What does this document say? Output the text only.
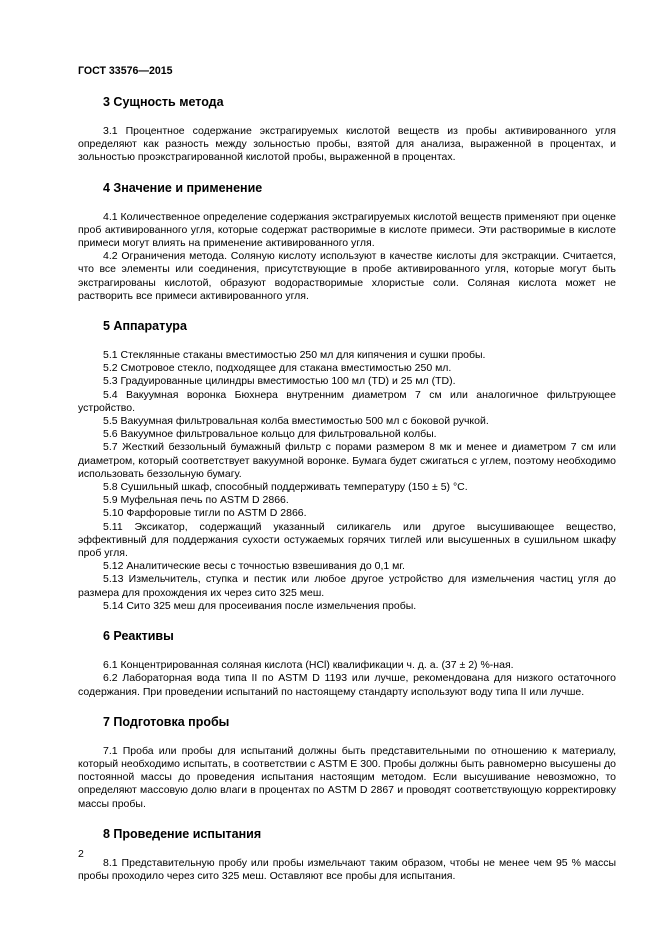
ГОСТ 33576—2015
3 Сущность метода

3.1 Процентное содержание экстрагируемых кислотой веществ из пробы активированного угля определяют как разность между зольностью пробы, взятой для анализа, выраженной в процентах, и зольностью проэкстрагированной кислотой пробы, выраженной в процентах.

4 Значение и применение

4.1 Количественное определение содержания экстрагируемых кислотой веществ применяют при оценке проб активированного угля, которые содержат растворимые в кислоте примеси. Эти растворимые в кислоте примеси могут влиять на применение активированного угля.

4.2 Ограничения метода. Соляную кислоту используют в качестве кислоты для экстракции. Считается, что все элементы или соединения, присутствующие в пробе активированного угля, которые могут быть экстрагированы кислотой, образуют водорастворимые хлористые соли. Соляная кислота может не растворить все примеси активированного угля.

5 Аппаратура

5.1 Стеклянные стаканы вместимостью 250 мл для кипячения и сушки пробы.

5.2 Смотровое стекло, подходящее для стакана вместимостью 250 мл.

5.3 Градуированные цилиндры вместимостью 100 мл (TD) и 25 мл (TD).

5.4 Вакуумная воронка Бюхнера внутренним диаметром 7 см или аналогичное фильтрующее устройство.

5.5 Вакуумная фильтровальная колба вместимостью 500 мл с боковой ручкой.

5.6 Вакуумное фильтровальное кольцо для фильтровальной колбы.

5.7 Жесткий беззольный бумажный фильтр с порами размером 8 мк и менее и диаметром 7 см или диаметром, который соответствует вакуумной воронке. Бумага будет сжигаться с углем, поэтому необходимо использовать беззольную бумагу.

5.8 Сушильный шкаф, способный поддерживать температуру (150 ± 5) °С.

5.9 Муфельная печь по ASTM D 2866.

5.10 Фарфоровые тигли по ASTM D 2866.

5.11 Эксикатор, содержащий указанный силикагель или другое высушивающее вещество, эффективный для поддержания сухости остужаемых горячих тиглей или высушенных в сушильном шкафу проб угля.

5.12 Аналитические весы с точностью взвешивания до 0,1 мг.

5.13 Измельчитель, ступка и пестик или любое другое устройство для измельчения частиц угля до размера для прохождения их через сито 325 меш.

5.14 Сито 325 меш для просеивания после измельчения пробы.

6 Реактивы

6.1 Концентрированная соляная кислота (HCl) квалификации ч. д. а. (37 ± 2) %-ная.

6.2 Лабораторная вода типа II по ASTM D 1193 или лучше, рекомендована для низкого остаточного содержания. При проведении испытаний по настоящему стандарту используют воду типа II или лучше.

7 Подготовка пробы

7.1 Проба или пробы для испытаний должны быть представительными по отношению к материалу, который необходимо испытать, в соответствии с ASTM E 300. Пробы должны быть равномерно высушены до постоянной массы до проведения испытания настоящим методом. Если высушивание невозможно, то определяют массовую долю влаги в процентах по ASTM D 2867 и проводят соответствующую корректировку массы пробы.

8 Проведение испытания

8.1 Представительную пробу или пробы измельчают таким образом, чтобы не менее чем 95 % массы пробы проходило через сито 325 меш. Оставляют все пробы для испытания.

2
